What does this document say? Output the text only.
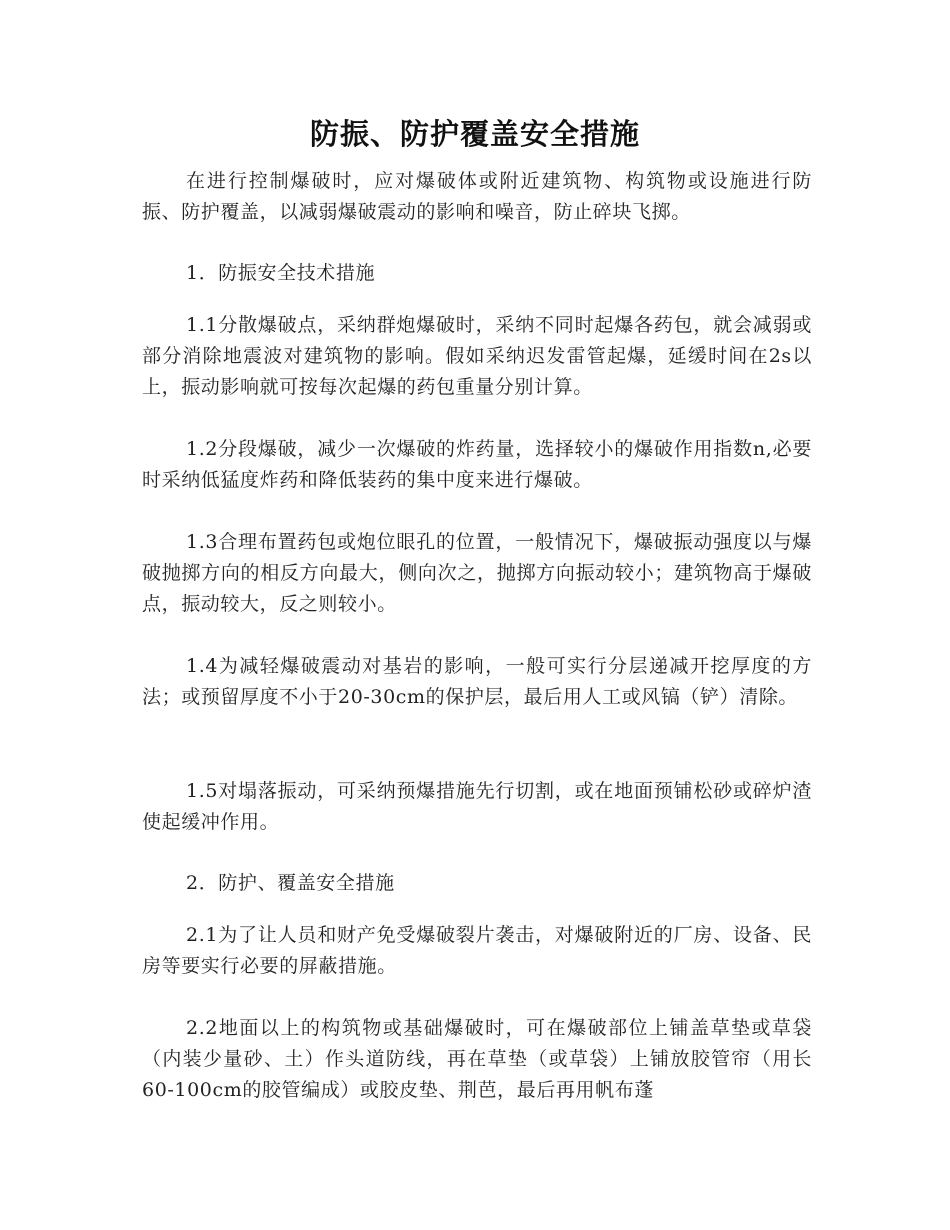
防振、防护覆盖安全措施
在进行控制爆破时，应对爆破体或附近建筑物、构筑物或设施进行防振、防护覆盖，以减弱爆破震动的影响和噪音，防止碎块飞掷。
1．防振安全技术措施
1.1分散爆破点，采纳群炮爆破时，采纳不同时起爆各药包，就会减弱或部分消除地震波对建筑物的影响。假如采纳迟发雷管起爆，延缓时间在2s以上，振动影响就可按每次起爆的药包重量分别计算。
1.2分段爆破，减少一次爆破的炸药量，选择较小的爆破作用指数n,必要时采纳低猛度炸药和降低装药的集中度来进行爆破。
1.3合理布置药包或炮位眼孔的位置，一般情况下，爆破振动强度以与爆破抛掷方向的相反方向最大，侧向次之，抛掷方向振动较小；建筑物高于爆破点，振动较大，反之则较小。
1.4为减轻爆破震动对基岩的影响，一般可实行分层递减开挖厚度的方法；或预留厚度不小于20-30cm的保护层，最后用人工或风镐（铲）清除。
1.5对塌落振动，可采纳预爆措施先行切割，或在地面预铺松砂或碎炉渣使起缓冲作用。
2．防护、覆盖安全措施
2.1为了让人员和财产免受爆破裂片袭击，对爆破附近的厂房、设备、民房等要实行必要的屏蔽措施。
2.2地面以上的构筑物或基础爆破时，可在爆破部位上铺盖草垫或草袋（内装少量砂、土）作头道防线，再在草垫（或草袋）上铺放胶管帘（用长60-100cm的胶管编成）或胶皮垫、荆芭，最后再用帆布蓬
